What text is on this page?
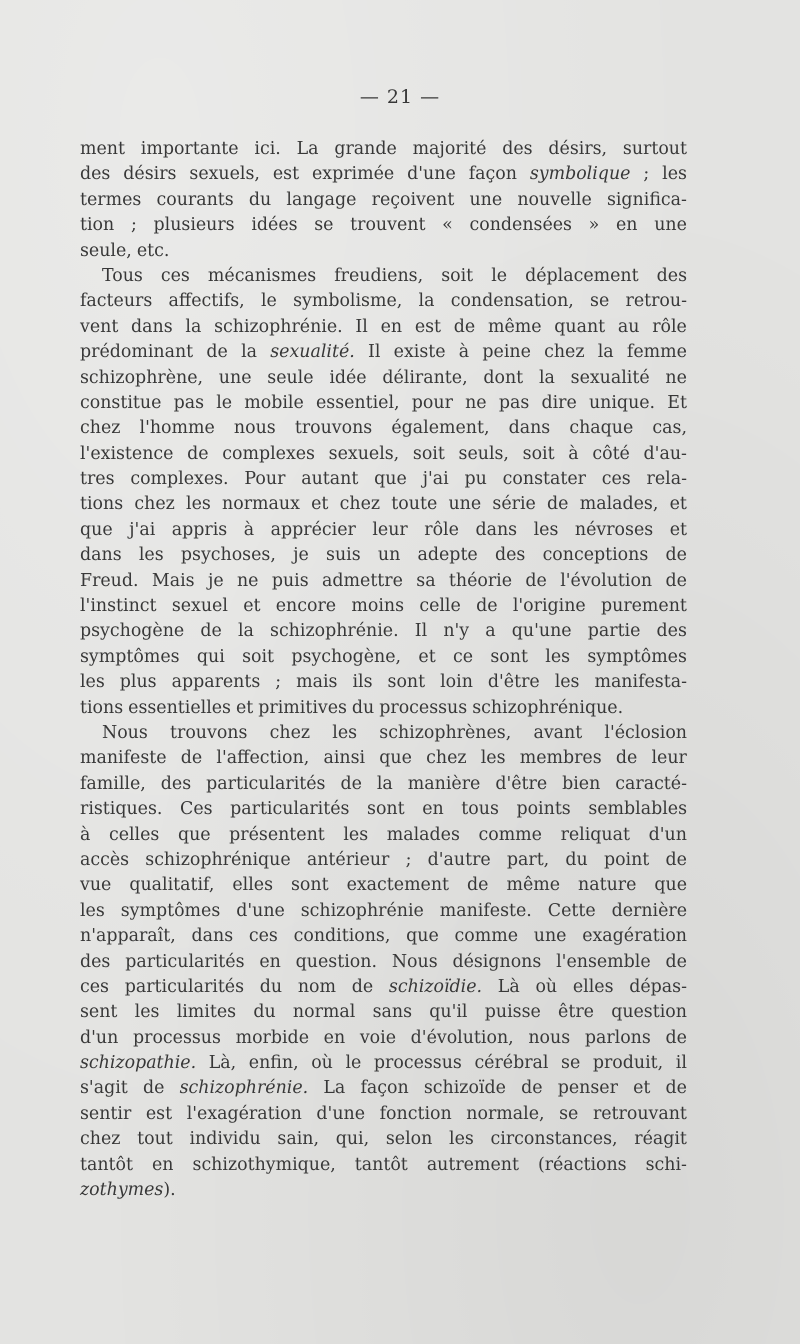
— 21 —
ment importante ici. La grande majorité des désirs, surtout
des désirs sexuels, est exprimée d'une façon symbolique ; les
termes courants du langage reçoivent une nouvelle significa-
tion ; plusieurs idées se trouvent « condensées » en une
seule, etc.
Tous ces mécanismes freudiens, soit le déplacement des
facteurs affectifs, le symbolisme, la condensation, se retrou-
vent dans la schizophrénie. Il en est de même quant au rôle
prédominant de la sexualité. Il existe à peine chez la femme
schizophrène, une seule idée délirante, dont la sexualité ne
constitue pas le mobile essentiel, pour ne pas dire unique. Et
chez l'homme nous trouvons également, dans chaque cas,
l'existence de complexes sexuels, soit seuls, soit à côté d'au-
tres complexes. Pour autant que j'ai pu constater ces rela-
tions chez les normaux et chez toute une série de malades, et
que j'ai appris à apprécier leur rôle dans les névroses et
dans les psychoses, je suis un adepte des conceptions de
Freud. Mais je ne puis admettre sa théorie de l'évolution de
l'instinct sexuel et encore moins celle de l'origine purement
psychogène de la schizophrénie. Il n'y a qu'une partie des
symptômes qui soit psychogène, et ce sont les symptômes
les plus apparents ; mais ils sont loin d'être les manifesta-
tions essentielles et primitives du processus schizophrénique.
Nous trouvons chez les schizophrènes, avant l'éclosion
manifeste de l'affection, ainsi que chez les membres de leur
famille, des particularités de la manière d'être bien caracté-
ristiques. Ces particularités sont en tous points semblables
à celles que présentent les malades comme reliquat d'un
accès schizophrénique antérieur ; d'autre part, du point de
vue qualitatif, elles sont exactement de même nature que
les symptômes d'une schizophrénie manifeste. Cette dernière
n'apparaît, dans ces conditions, que comme une exagération
des particularités en question. Nous désignons l'ensemble de
ces particularités du nom de schizoïdie. Là où elles dépas-
sent les limites du normal sans qu'il puisse être question
d'un processus morbide en voie d'évolution, nous parlons de
schizopathie. Là, enfin, où le processus cérébral se produit, il
s'agit de schizophrénie. La façon schizoïde de penser et de
sentir est l'exagération d'une fonction normale, se retrouvant
chez tout individu sain, qui, selon les circonstances, réagit
tantôt en schizothymique, tantôt autrement (réactions schi-
zothymes).
